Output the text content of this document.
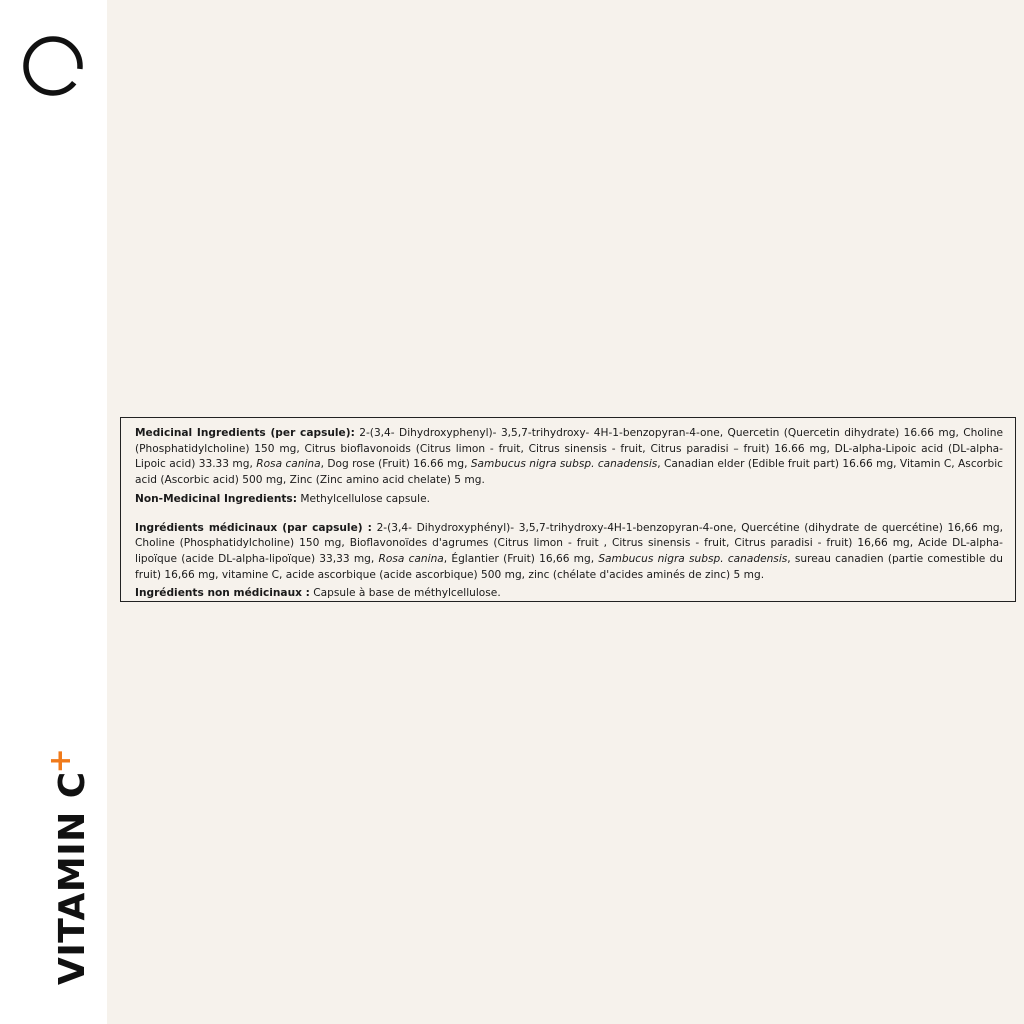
VITAMIN C+

Medicinal Ingredients (per capsule): 2-(3,4- Dihydroxyphenyl)- 3,5,7-trihydroxy- 4H-1-benzopyran-4-one, Quercetin (Quercetin dihydrate) 16.66 mg, Choline (Phosphatidylcholine) 150 mg, Citrus bioflavonoids (Citrus limon - fruit, Citrus sinensis - fruit, Citrus paradisi – fruit) 16.66 mg, DL-alpha-Lipoic acid (DL-alpha-Lipoic acid) 33.33 mg, Rosa canina, Dog rose (Fruit) 16.66 mg, Sambucus nigra subsp. canadensis, Canadian elder (Edible fruit part) 16.66 mg, Vitamin C, Ascorbic acid (Ascorbic acid) 500 mg, Zinc (Zinc amino acid chelate) 5 mg.

Non-Medicinal Ingredients: Methylcellulose capsule.

Ingrédients médicinaux (par capsule) : 2-(3,4- Dihydroxyphényl)- 3,5,7-trihydroxy-4H-1-benzopyran-4-one, Quercétine (dihydrate de quercétine) 16,66 mg, Choline (Phosphatidylcholine) 150 mg, Bioflavonoïdes d'agrumes (Citrus limon - fruit , Citrus sinensis - fruit, Citrus paradisi - fruit) 16,66 mg, Acide DL-alpha-lipoïque (acide DL-alpha-lipoïque) 33,33 mg, Rosa canina, Églantier (Fruit) 16,66 mg, Sambucus nigra subsp. canadensis, sureau canadien (partie comestible du fruit) 16,66 mg, vitamine C, acide ascorbique (acide ascorbique) 500 mg, zinc (chélate d'acides aminés de zinc) 5 mg.

Ingrédients non médicinaux : Capsule à base de méthylcellulose.
